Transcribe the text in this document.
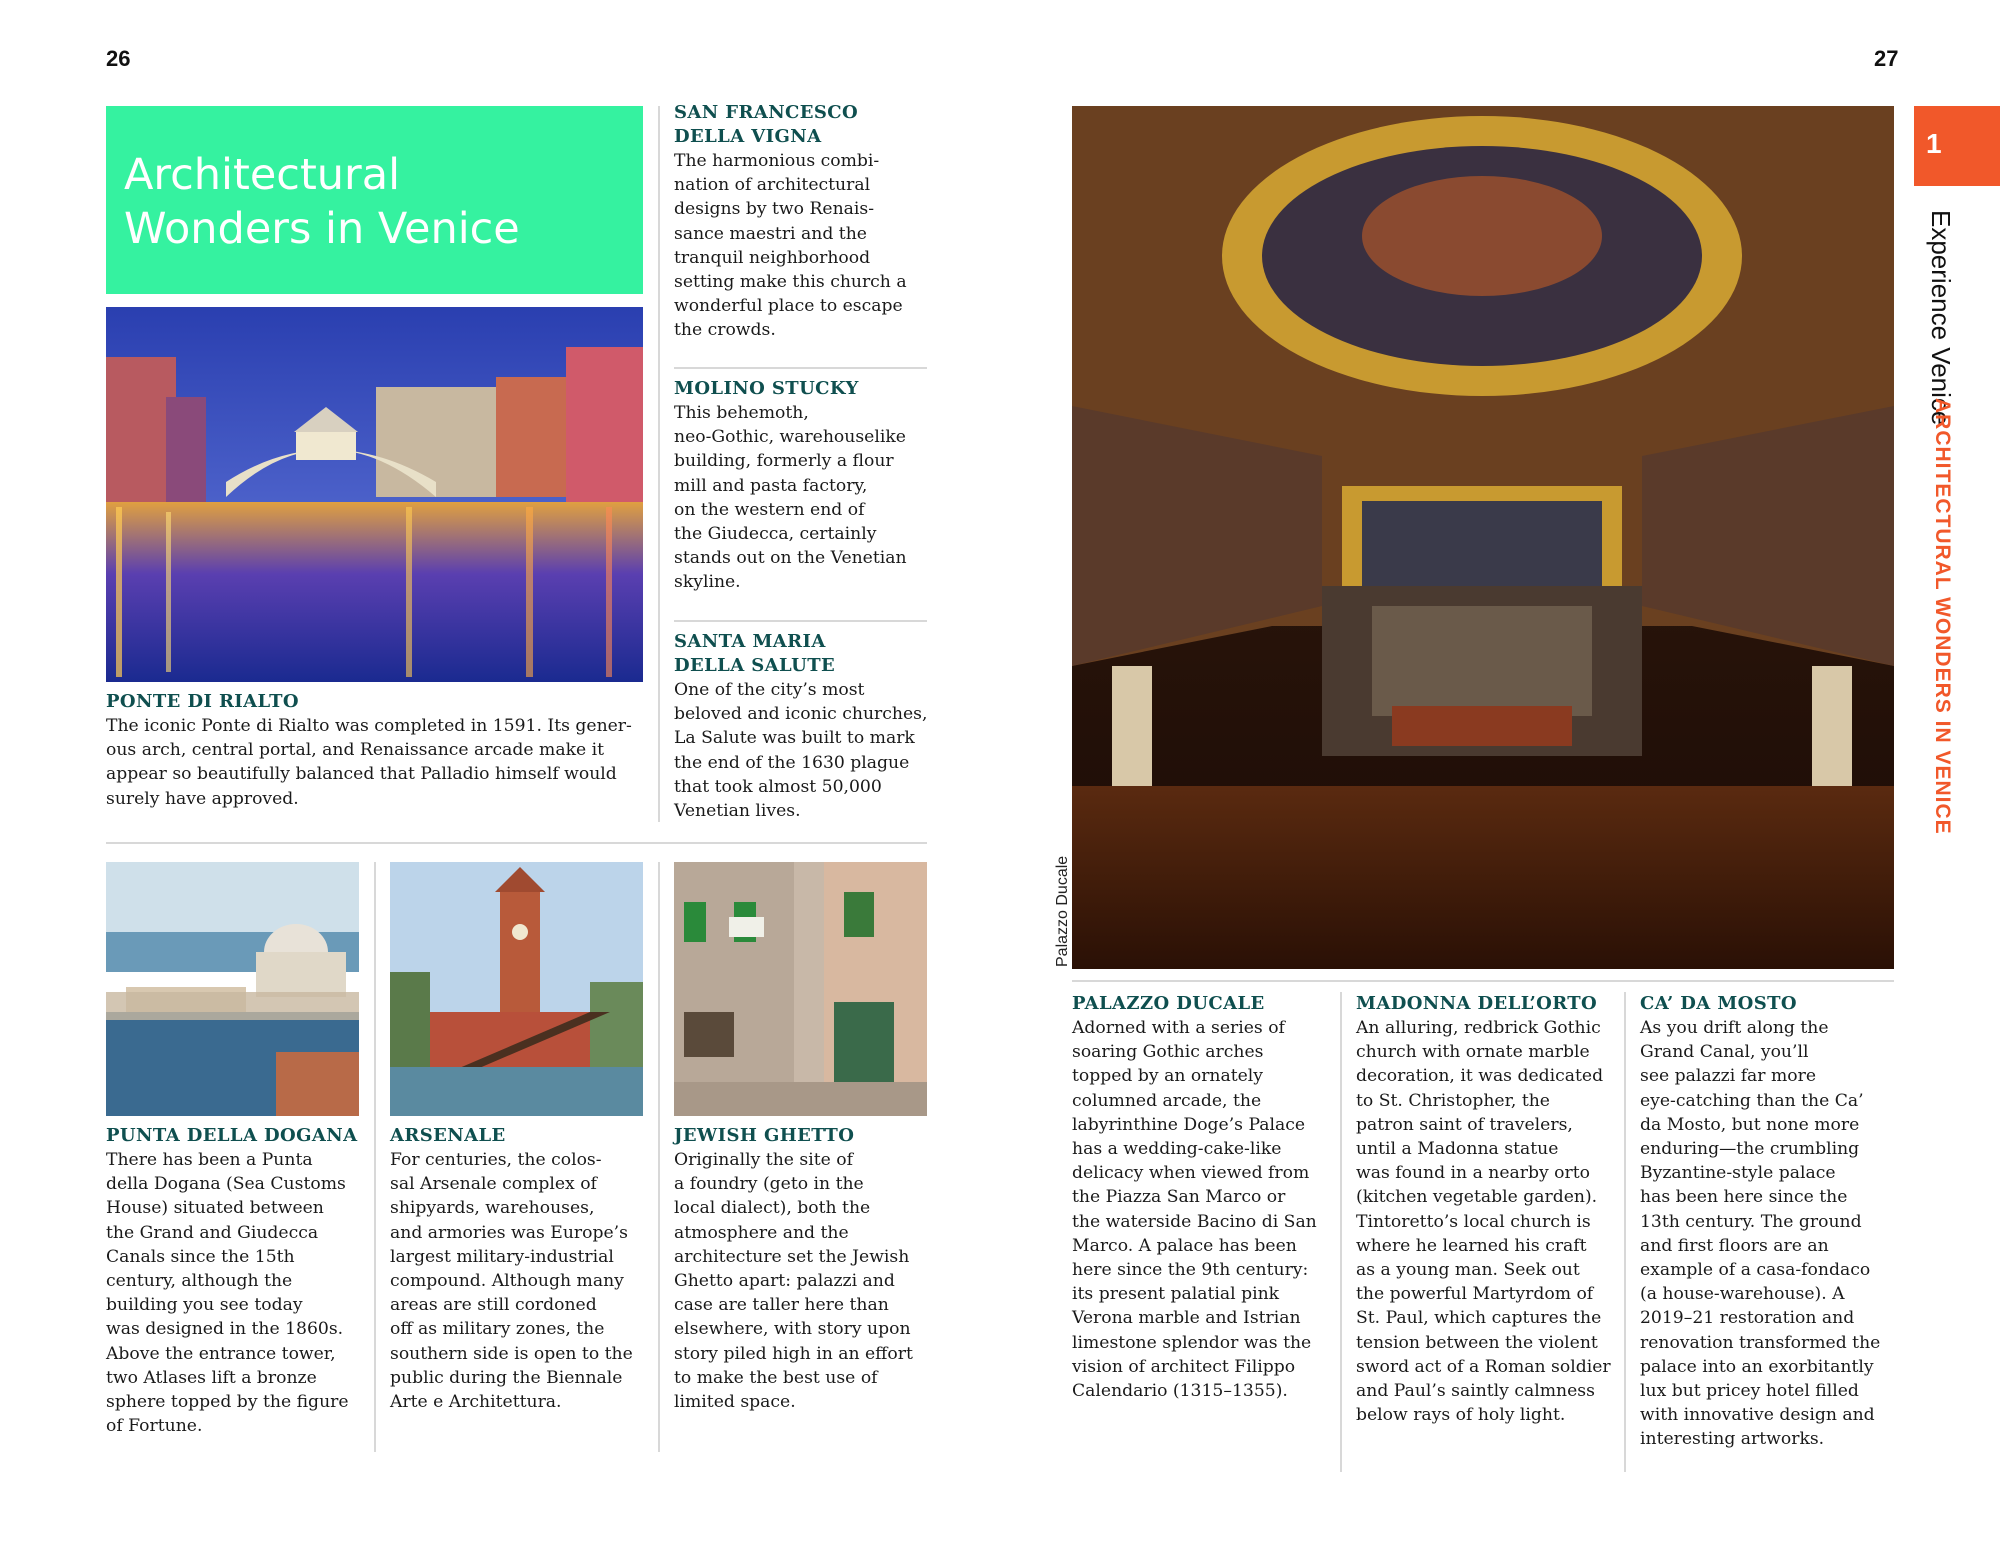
26	27
Architectural
Wonders in Venice
PONTE DI RIALTO
The iconic Ponte di Rialto was completed in 1591. Its gener-
ous arch, central portal, and Renaissance arcade make it
appear so beautifully balanced that Palladio himself would
surely have approved.
SAN FRANCESCO
DELLA VIGNA
The harmonious combi-
nation of architectural
designs by two Renais-
sance maestri and the
tranquil neighborhood
setting make this church a
wonderful place to escape
the crowds.
MOLINO STUCKY
This behemoth,
neo-Gothic, warehouselike
building, formerly a flour
mill and pasta factory,
on the western end of
the Giudecca, certainly
stands out on the Venetian
skyline.
SANTA MARIA
DELLA SALUTE
One of the city’s most
beloved and iconic churches,
La Salute was built to mark
the end of the 1630 plague
that took almost 50,000
Venetian lives.
PUNTA DELLA DOGANA
There has been a Punta
della Dogana (Sea Customs
House) situated between
the Grand and Giudecca
Canals since the 15th
century, although the
building you see today
was designed in the 1860s.
Above the entrance tower,
two Atlases lift a bronze
sphere topped by the figure
of Fortune.
ARSENALE
For centuries, the colos-
sal Arsenale complex of
shipyards, warehouses,
and armories was Europe’s
largest military-industrial
compound. Although many
areas are still cordoned
off as military zones, the
southern side is open to the
public during the Biennale
Arte e Architettura.
JEWISH GHETTO
Originally the site of
a foundry (geto in the
local dialect), both the
atmosphere and the
architecture set the Jewish
Ghetto apart: palazzi and
case are taller here than
elsewhere, with story upon
story piled high in an effort
to make the best use of
limited space.
Palazzo Ducale
1
Experience Venice
ARCHITECTURAL WONDERS IN VENICE
PALAZZO DUCALE
Adorned with a series of
soaring Gothic arches
topped by an ornately
columned arcade, the
labyrinthine Doge’s Palace
has a wedding-cake-like
delicacy when viewed from
the Piazza San Marco or
the waterside Bacino di San
Marco. A palace has been
here since the 9th century:
its present palatial pink
Verona marble and Istrian
limestone splendor was the
vision of architect Filippo
Calendario (1315–1355).
MADONNA DELL’ORTO
An alluring, redbrick Gothic
church with ornate marble
decoration, it was dedicated
to St. Christopher, the
patron saint of travelers,
until a Madonna statue
was found in a nearby orto
(kitchen vegetable garden).
Tintoretto’s local church is
where he learned his craft
as a young man. Seek out
the powerful Martyrdom of
St. Paul, which captures the
tension between the violent
sword act of a Roman soldier
and Paul’s saintly calmness
below rays of holy light.
CA’ DA MOSTO
As you drift along the
Grand Canal, you’ll
see palazzi far more
eye-catching than the Ca’
da Mosto, but none more
enduring—the crumbling
Byzantine-style palace
has been here since the
13th century. The ground
and first floors are an
example of a casa-fondaco
(a house-warehouse). A
2019–21 restoration and
renovation transformed the
palace into an exorbitantly
lux but pricey hotel filled
with innovative design and
interesting artworks.
